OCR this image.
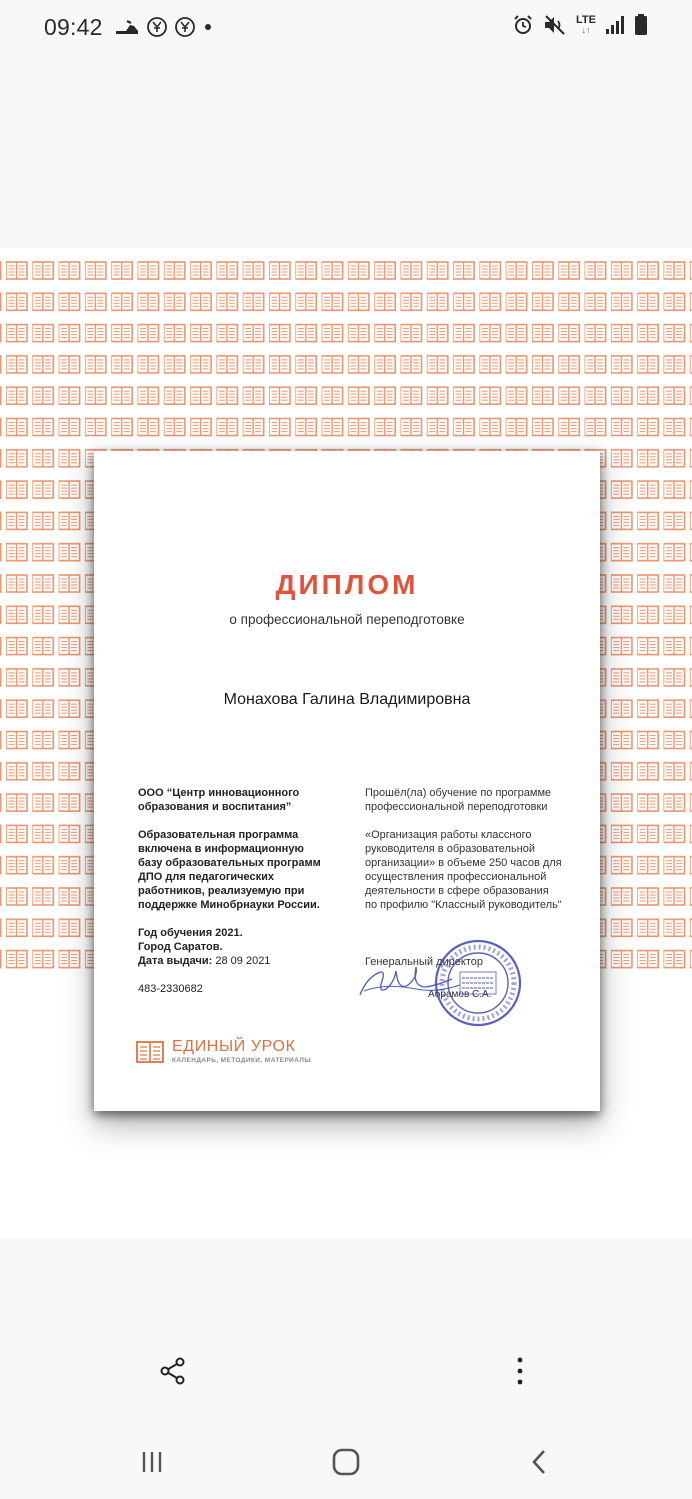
09:42	LTE
↓↑
ДИПЛОМ
о профессиональной переподготовке
Монахова Галина Владимировна

ООО “Центр инновационного

образования и воспитания”

Образовательная программа

включена в информационную

базу образовательных программ

ДПО для педагогических

работников, реализуемую при

поддержке Минобрнауки России.

Год обучения 2021.

Город Саратов.

Дата выдачи: 28 09 2021

483-2330682

Прошёл(ла) обучение по программе

профессиональной переподготовки

«Организация работы классного

руководителя в образовательной

организации» в объеме 250 часов для

осуществления профессиональной

деятельности в сфере образования

по профилю "Классный руководитель"

Генеральный директор
Абрамов С.А.
ЕДИНЫЙ УРОК
КАЛЕНДАРЬ, МЕТОДИКИ, МАТЕРИАЛЫ
